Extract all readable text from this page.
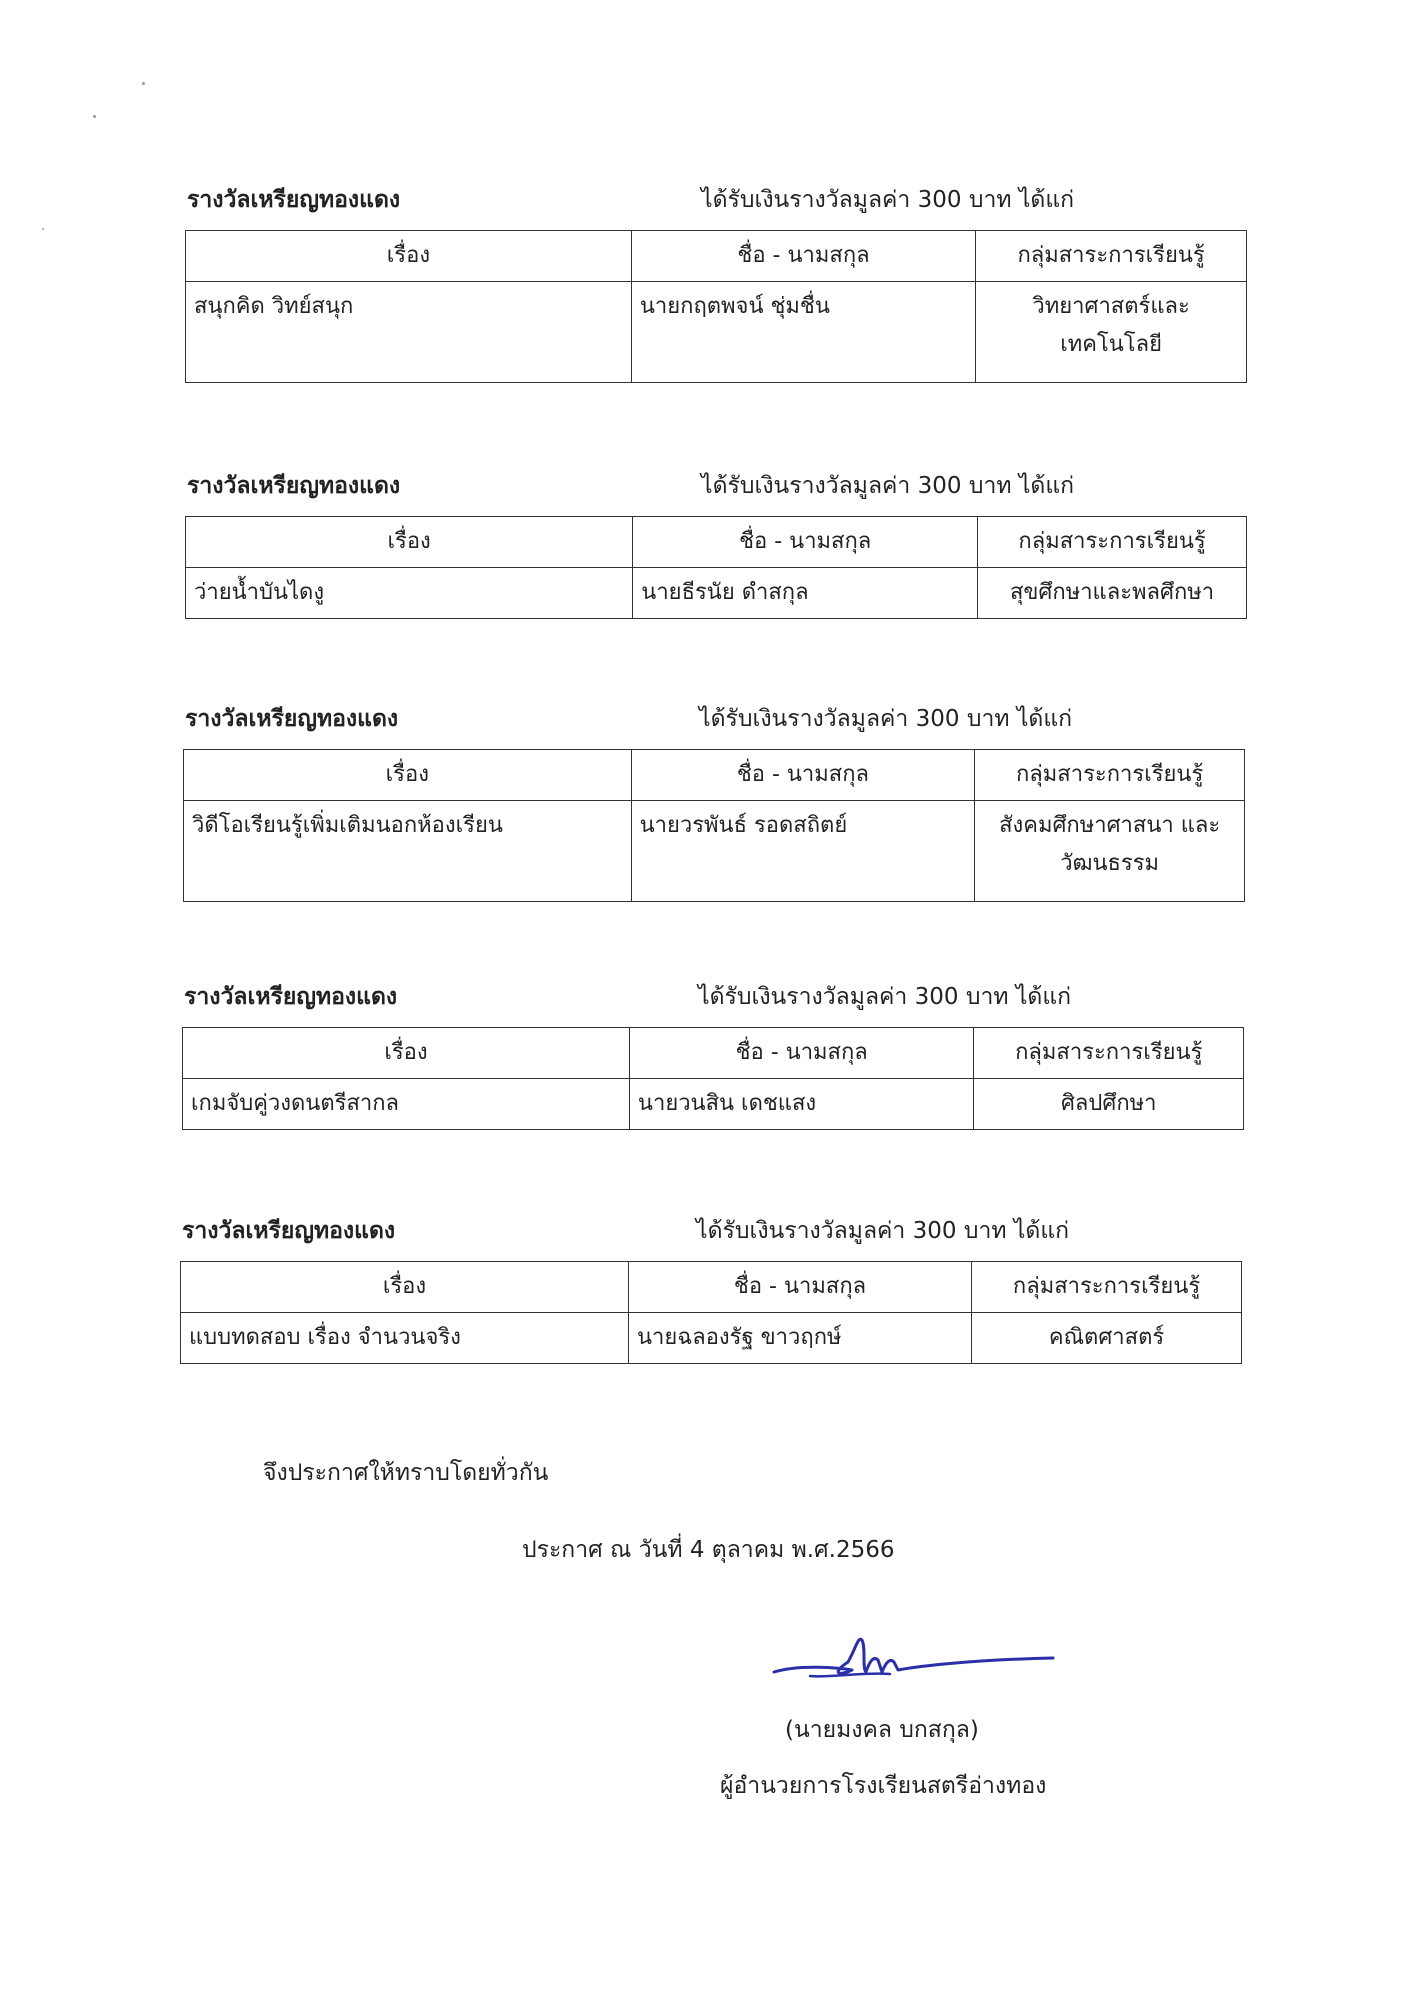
รางวัลเหรียญทองแดง	ได้รับเงินรางวัลมูลค่า 300 บาท ได้แก่
เรื่อง	ชื่อ - นามสกุล	กลุ่มสาระการเรียนรู้
สนุกคิด วิทย์สนุก	นายกฤตพจน์ ชุ่มชื่น	วิทยาศาสตร์และเทคโนโลยี
รางวัลเหรียญทองแดง	ได้รับเงินรางวัลมูลค่า 300 บาท ได้แก่
เรื่อง	ชื่อ - นามสกุล	กลุ่มสาระการเรียนรู้
ว่ายน้ำบันไดงู	นายธีรนัย ดำสกุล	สุขศึกษาและพลศึกษา
รางวัลเหรียญทองแดง	ได้รับเงินรางวัลมูลค่า 300 บาท ได้แก่
เรื่อง	ชื่อ - นามสกุล	กลุ่มสาระการเรียนรู้
วิดีโอเรียนรู้เพิ่มเติมนอกห้องเรียน	นายวรพันธ์ รอดสถิตย์	สังคมศึกษาศาสนา และวัฒนธรรม
รางวัลเหรียญทองแดง	ได้รับเงินรางวัลมูลค่า 300 บาท ได้แก่
เรื่อง	ชื่อ - นามสกุล	กลุ่มสาระการเรียนรู้
เกมจับคู่วงดนตรีสากล	นายวนสิน เดชแสง	ศิลปศึกษา
รางวัลเหรียญทองแดง	ได้รับเงินรางวัลมูลค่า 300 บาท ได้แก่
เรื่อง	ชื่อ - นามสกุล	กลุ่มสาระการเรียนรู้
แบบทดสอบ เรื่อง จำนวนจริง	นายฉลองรัฐ ขาวฤกษ์	คณิตศาสตร์
จึงประกาศให้ทราบโดยทั่วกัน
ประกาศ ณ วันที่ 4 ตุลาคม พ.ศ.2566
(นายมงคล บกสกุล)
ผู้อำนวยการโรงเรียนสตรีอ่างทอง
